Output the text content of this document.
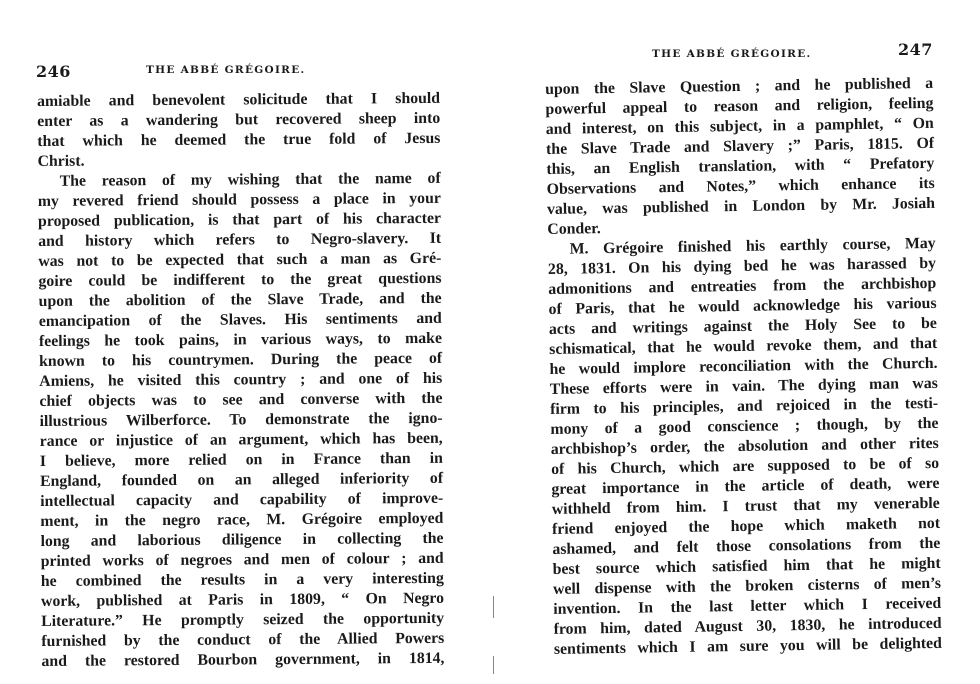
246	THE ABBÉ GRÉGOIRE.
amiable and benevolent solicitude that I should
enter as a wandering but recovered sheep into
that which he deemed the true fold of Jesus
Christ.
The reason of my wishing that the name of
my revered friend should possess a place in your
proposed publication, is that part of his character
and history which refers to Negro-slavery. It
was not to be expected that such a man as Gré-
goire could be indifferent to the great questions
upon the abolition of the Slave Trade, and the
emancipation of the Slaves. His sentiments and
feelings he took pains, in various ways, to make
known to his countrymen. During the peace of
Amiens, he visited this country ; and one of his
chief objects was to see and converse with the
illustrious Wilberforce. To demonstrate the igno-
rance or injustice of an argument, which has been,
I believe, more relied on in France than in
England, founded on an alleged inferiority of
intellectual capacity and capability of improve-
ment, in the negro race, M. Grégoire employed
long and laborious diligence in collecting the
printed works of negroes and men of colour ; and
he combined the results in a very interesting
work, published at Paris in 1809, “ On Negro
Literature.” He promptly seized the opportunity
furnished by the conduct of the Allied Powers
and the restored Bourbon government, in 1814,
THE ABBÉ GRÉGOIRE.	247
upon the Slave Question ; and he published a
powerful appeal to reason and religion, feeling
and interest, on this subject, in a pamphlet, “ On
the Slave Trade and Slavery ;” Paris, 1815. Of
this, an English translation, with “ Prefatory
Observations and Notes,” which enhance its
value, was published in London by Mr. Josiah
Conder.
M. Grégoire finished his earthly course, May
28, 1831. On his dying bed he was harassed by
admonitions and entreaties from the archbishop
of Paris, that he would acknowledge his various
acts and writings against the Holy See to be
schismatical, that he would revoke them, and that
he would implore reconciliation with the Church.
These efforts were in vain. The dying man was
firm to his principles, and rejoiced in the testi-
mony of a good conscience ; though, by the
archbishop’s order, the absolution and other rites
of his Church, which are supposed to be of so
great importance in the article of death, were
withheld from him. I trust that my venerable
friend enjoyed the hope which maketh not
ashamed, and felt those consolations from the
best source which satisfied him that he might
well dispense with the broken cisterns of men’s
invention. In the last letter which I received
from him, dated August 30, 1830, he introduced
sentiments which I am sure you will be delighted
